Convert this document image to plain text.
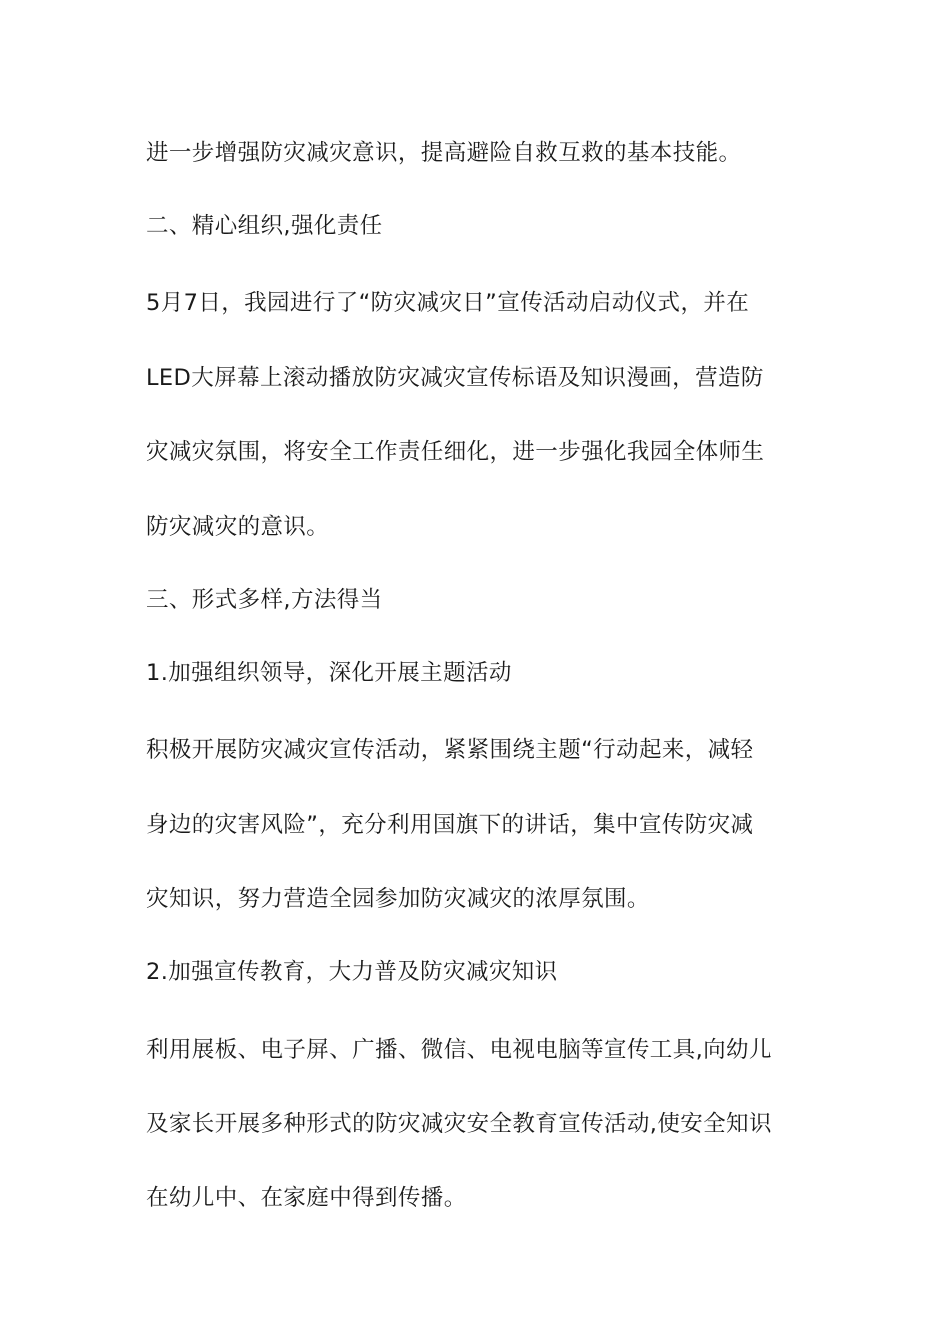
进一步增强防灾减灾意识，提高避险自救互救的基本技能。
二、精心组织,强化责任
5月7日，我园进行了“防灾减灾日”宣传活动启动仪式，并在
LED大屏幕上滚动播放防灾减灾宣传标语及知识漫画，营造防
灾减灾氛围，将安全工作责任细化，进一步强化我园全体师生
防灾减灾的意识。
三、形式多样,方法得当
1.加强组织领导，深化开展主题活动
积极开展防灾减灾宣传活动，紧紧围绕主题“行动起来，减轻
身边的灾害风险”，充分利用国旗下的讲话，集中宣传防灾减
灾知识，努力营造全园参加防灾减灾的浓厚氛围。
2.加强宣传教育，大力普及防灾减灾知识
利用展板、电子屏、广播、微信、电视电脑等宣传工具,向幼儿
及家长开展多种形式的防灾减灾安全教育宣传活动,使安全知识
在幼儿中、在家庭中得到传播。
